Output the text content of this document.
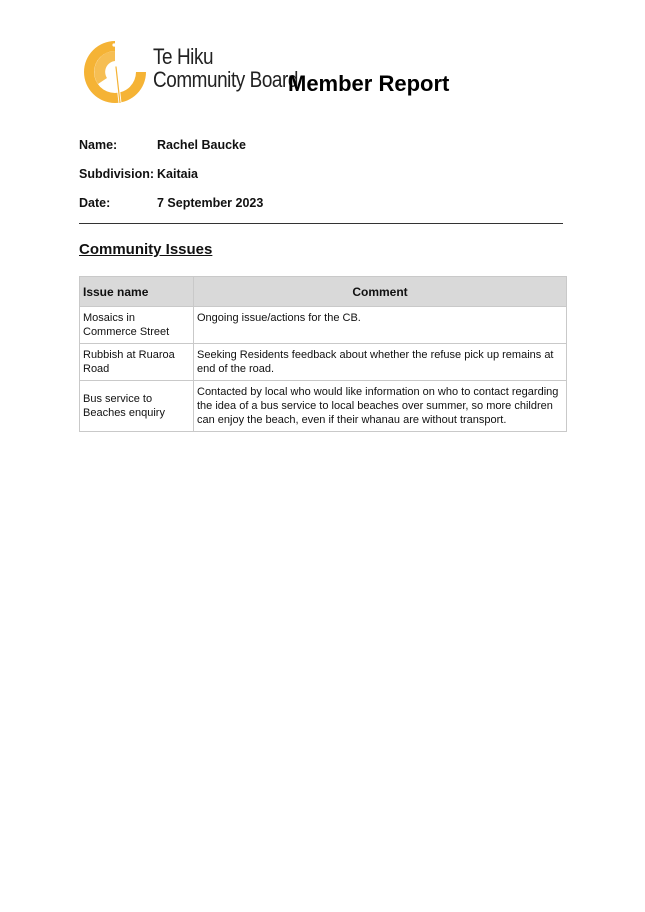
Te Hiku
Community Board
Member Report
Name:	Rachel Baucke
Subdivision: Kaitaia
Date:	7 September 2023
Community Issues
Issue name	Comment
Mosaics in Commerce Street	Ongoing issue/actions for the CB.
Rubbish at Ruaroa Road	Seeking Residents feedback about whether the refuse pick up remains at end of the road.
Bus service to Beaches enquiry	Contacted by local who would like information on who to contact regarding the idea of a bus service to local beaches over summer, so more children can enjoy the beach, even if their whanau are without transport.
